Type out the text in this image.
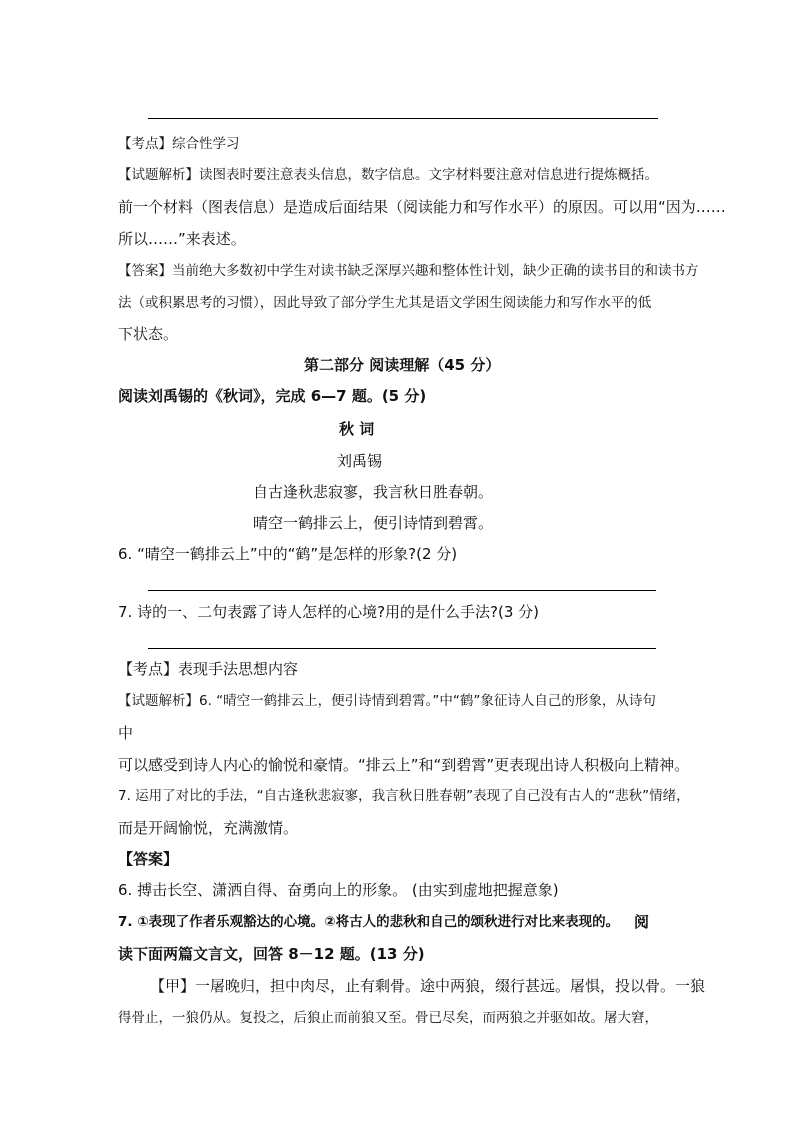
【考点】综合性学习
【试题解析】读图表时要注意表头信息，数字信息。文字材料要注意对信息进行提炼概括。
前一个材料（图表信息）是造成后面结果（阅读能力和写作水平）的原因。可以用“因为……
所以……”来表述。
【答案】当前绝大多数初中学生对读书缺乏深厚兴趣和整体性计划，缺少正确的读书目的和读书方
法（或积累思考的习惯），因此导致了部分学生尤其是语文学困生阅读能力和写作水平的低
下状态。
第二部分 阅读理解（45 分）
阅读刘禹锡的《秋词》，完成 6—7 题。(5 分)
秋 词
刘禹锡
自古逢秋悲寂寥，我言秋日胜春朝。
晴空一鹤排云上，便引诗情到碧霄。
6. “晴空一鹤排云上”中的“鹤”是怎样的形象?(2 分)
7. 诗的一、二句表露了诗人怎样的心境?用的是什么手法?(3 分)
【考点】表现手法思想内容
【试题解析】6. “晴空一鹤排云上，便引诗情到碧霄。”中“鹤”象征诗人自己的形象，从诗句
中
可以感受到诗人内心的愉悦和豪情。“排云上”和“到碧霄”更表现出诗人积极向上精神。
7. 运用了对比的手法，“自古逢秋悲寂寥，我言秋日胜春朝”表现了自己没有古人的“悲秋”情绪，
而是开阔愉悦，充满激情。
【答案】
6. 搏击长空、潇洒自得、奋勇向上的形象。 (由实到虚地把握意象)
7. ①表现了作者乐观豁达的心境。②将古人的悲秋和自己的颂秋进行对比来表现的。 阅
读下面两篇文言文，回答 8－12 题。(13 分)
【甲】一屠晚归，担中肉尽，止有剩骨。途中两狼，缀行甚远。屠惧，投以骨。一狼
得骨止，一狼仍从。复投之，后狼止而前狼又至。骨已尽矣，而两狼之并驱如故。屠大窘，
